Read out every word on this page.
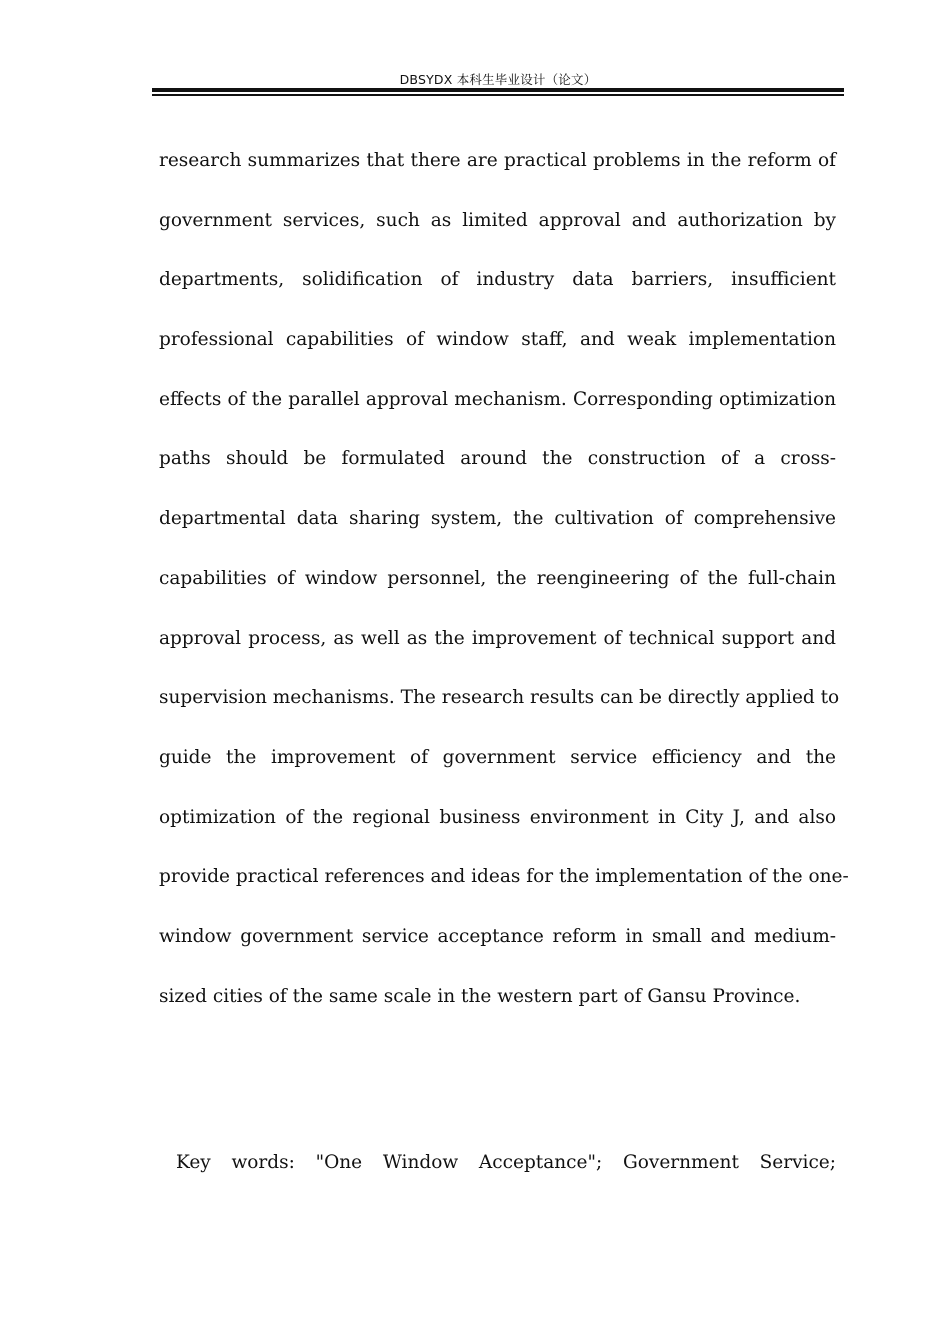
DBSYDX 本科生毕业设计（论文）
research summarizes that there are practical problems in the reform of
government services, such as limited approval and authorization by
departments, solidification of industry data barriers, insufficient
professional capabilities of window staff, and weak implementation
effects of the parallel approval mechanism. Corresponding optimization
paths should be formulated around the construction of a cross-
departmental data sharing system, the cultivation of comprehensive
capabilities of window personnel, the reengineering of the full-chain
approval process, as well as the improvement of technical support and
supervision mechanisms. The research results can be directly applied to
guide the improvement of government service efficiency and the
optimization of the regional business environment in City J, and also
provide practical references and ideas for the implementation of the one-
window government service acceptance reform in small and medium-
sized cities of the same scale in the western part of Gansu Province.
Key words: "One Window Acceptance"; Government Service;
